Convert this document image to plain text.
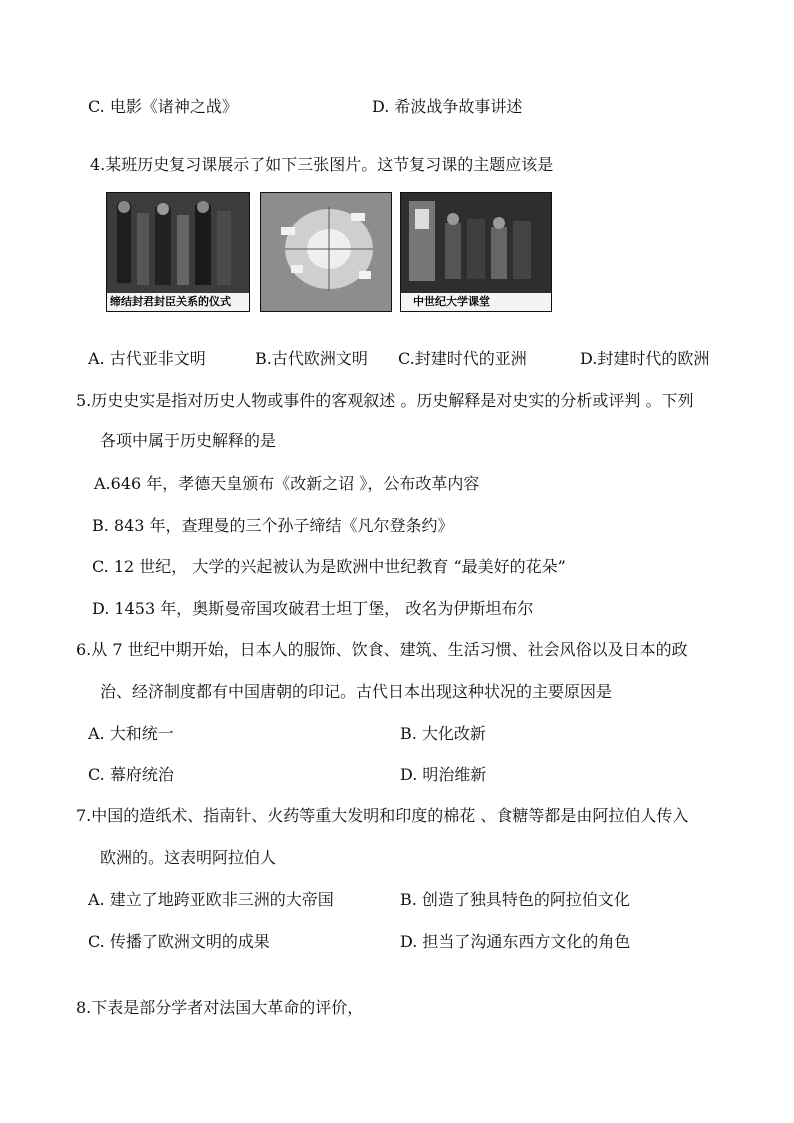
C. 电影《诸神之战》	D. 希波战争故事讲述
4.某班历史复习课展示了如下三张图片。这节复习课的主题应该是
缔结封君封臣关系的仪式	中世纪大学课堂
A. 古代亚非文明	B.古代欧洲文明 C.封建时代的亚洲	D.封建时代的欧洲
5.历史史实是指对历史人物或事件的客观叙述 。历史解释是对史实的分析或评判 。下列
各项中属于历史解释的是
A.646 年，孝德天皇颁布《改新之诏 》，公布改革内容
B. 843 年，查理曼的三个孙子缔结《凡尔登条约》
C. 12 世纪， 大学的兴起被认为是欧洲中世纪教育 “最美好的花朵”
D. 1453 年，奥斯曼帝国攻破君士坦丁堡， 改名为伊斯坦布尔
6.从 7 世纪中期开始，日本人的服饰、饮食、建筑、生活习惯、社会风俗以及日本的政
治、经济制度都有中国唐朝的印记。古代日本出现这种状况的主要原因是
A. 大和统一	B. 大化改新
C. 幕府统治	D. 明治维新
7.中国的造纸术、指南针、火药等重大发明和印度的棉花 、食糖等都是由阿拉伯人传入
欧洲的。这表明阿拉伯人
A. 建立了地跨亚欧非三洲的大帝国	B. 创造了独具特色的阿拉伯文化
C. 传播了欧洲文明的成果	D. 担当了沟通东西方文化的角色
8.下表是部分学者对法国大革命的评价，
